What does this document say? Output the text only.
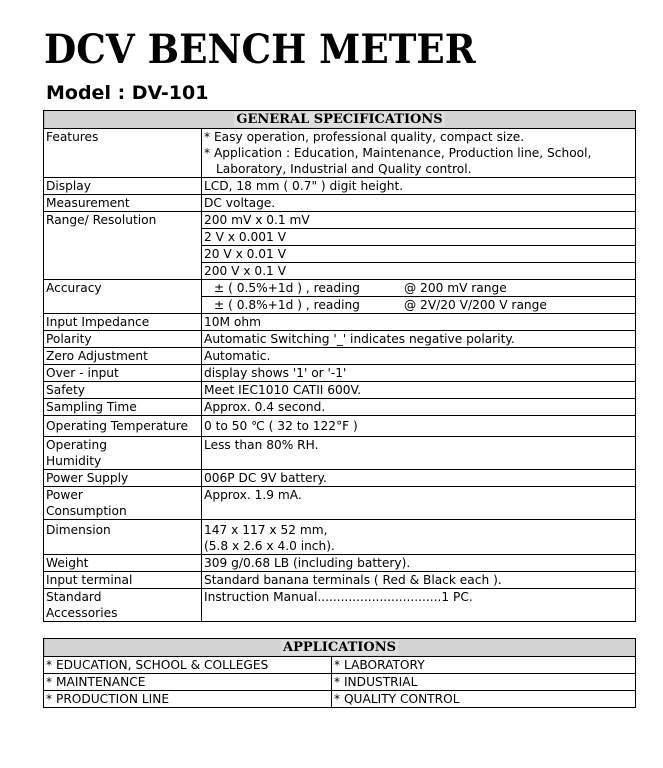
DCV BENCH METER
Model : DV-101
GENERAL SPECIFICATIONS	
Features	* Easy operation, professional quality, compact size.
* Application : Education, Maintenance, Production line, School,
Laboratory, Industrial and Quality control.

Display	LCD, 18 mm ( 0.7" ) digit height.
Measurement	DC voltage.
Range/ Resolution	200 mV x 0.1 mV
	2 V x 0.001 V
	20 V x 0.01 V
	200 V x 0.1 V
Accuracy	± ( 0.5%+1d ) , reading @ 200 mV range
	± ( 0.8%+1d ) , reading @ 2V/20 V/200 V range
Input Impedance	10M ohm
Polarity	Automatic Switching '_' indicates negative polarity.
Zero Adjustment	Automatic.
Over - input	display shows '1' or '-1'
Safety	Meet IEC1010 CATII 600V.
Sampling Time	Approx. 0.4 second.
Operating Temperature	0 to 50 ℃ ( 32 to 122°F )

Operating
Humidity	Less than 80% RH.
Power Supply	006P DC 9V battery.

Power
Consumption	Approx. 1.9 mA.
Dimension	147 x 117 x 52 mm,
(5.8 x 2.6 x 4.0 inch).

Weight	309 g/0.68 LB (including battery).
Input terminal	Standard banana terminals ( Red & Black each ).

Standard
Accessories	Instruction Manual................................1 PC.
APPLICATIONS	
* EDUCATION, SCHOOL & COLLEGES	* LABORATORY
* MAINTENANCE	* INDUSTRIAL
* PRODUCTION LINE	* QUALITY CONTROL
